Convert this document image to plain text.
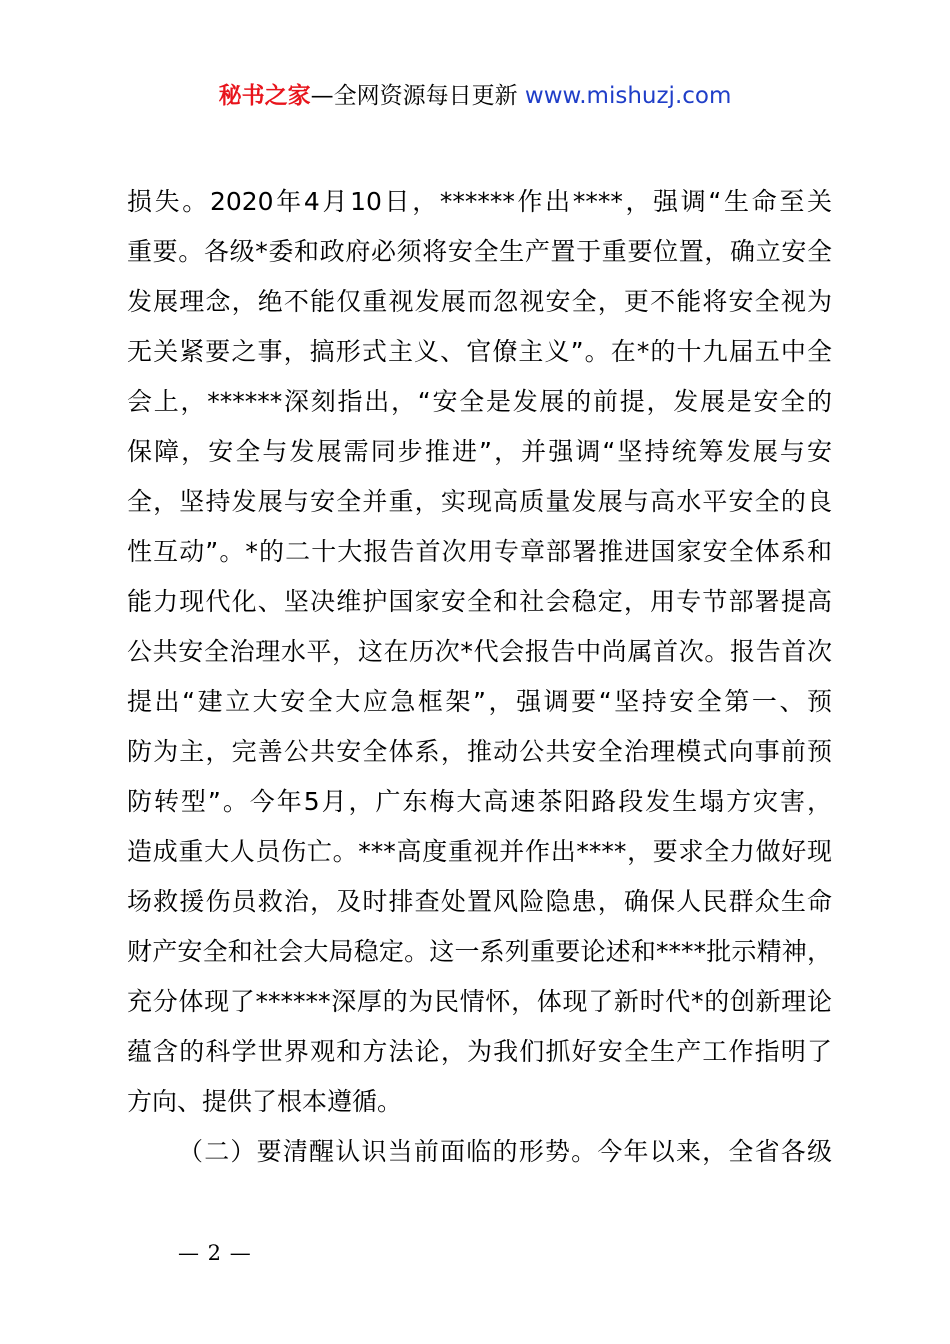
秘书之家—全网资源每日更新 www.mishuzj.com
损失。2020年4月10日，******作出****，强调“生命至关
重要。各级*委和政府必须将安全生产置于重要位置，确立安全
发展理念，绝不能仅重视发展而忽视安全，更不能将安全视为
无关紧要之事，搞形式主义、官僚主义”。在*的十九届五中全
会上，******深刻指出，“安全是发展的前提，发展是安全的
保障，安全与发展需同步推进”，并强调“坚持统筹发展与安
全，坚持发展与安全并重，实现高质量发展与高水平安全的良
性互动”。*的二十大报告首次用专章部署推进国家安全体系和
能力现代化、坚决维护国家安全和社会稳定，用专节部署提高
公共安全治理水平，这在历次*代会报告中尚属首次。报告首次
提出“建立大安全大应急框架”，强调要“坚持安全第一、预
防为主，完善公共安全体系，推动公共安全治理模式向事前预
防转型”。今年5月，广东梅大高速茶阳路段发生塌方灾害，
造成重大人员伤亡。***高度重视并作出****，要求全力做好现
场救援伤员救治，及时排查处置风险隐患，确保人民群众生命
财产安全和社会大局稳定。这一系列重要论述和****批示精神，
充分体现了******深厚的为民情怀，体现了新时代*的创新理论
蕴含的科学世界观和方法论，为我们抓好安全生产工作指明了
方向、提供了根本遵循。
（二）要清醒认识当前面临的形势。今年以来，全省各级
— 2 —
